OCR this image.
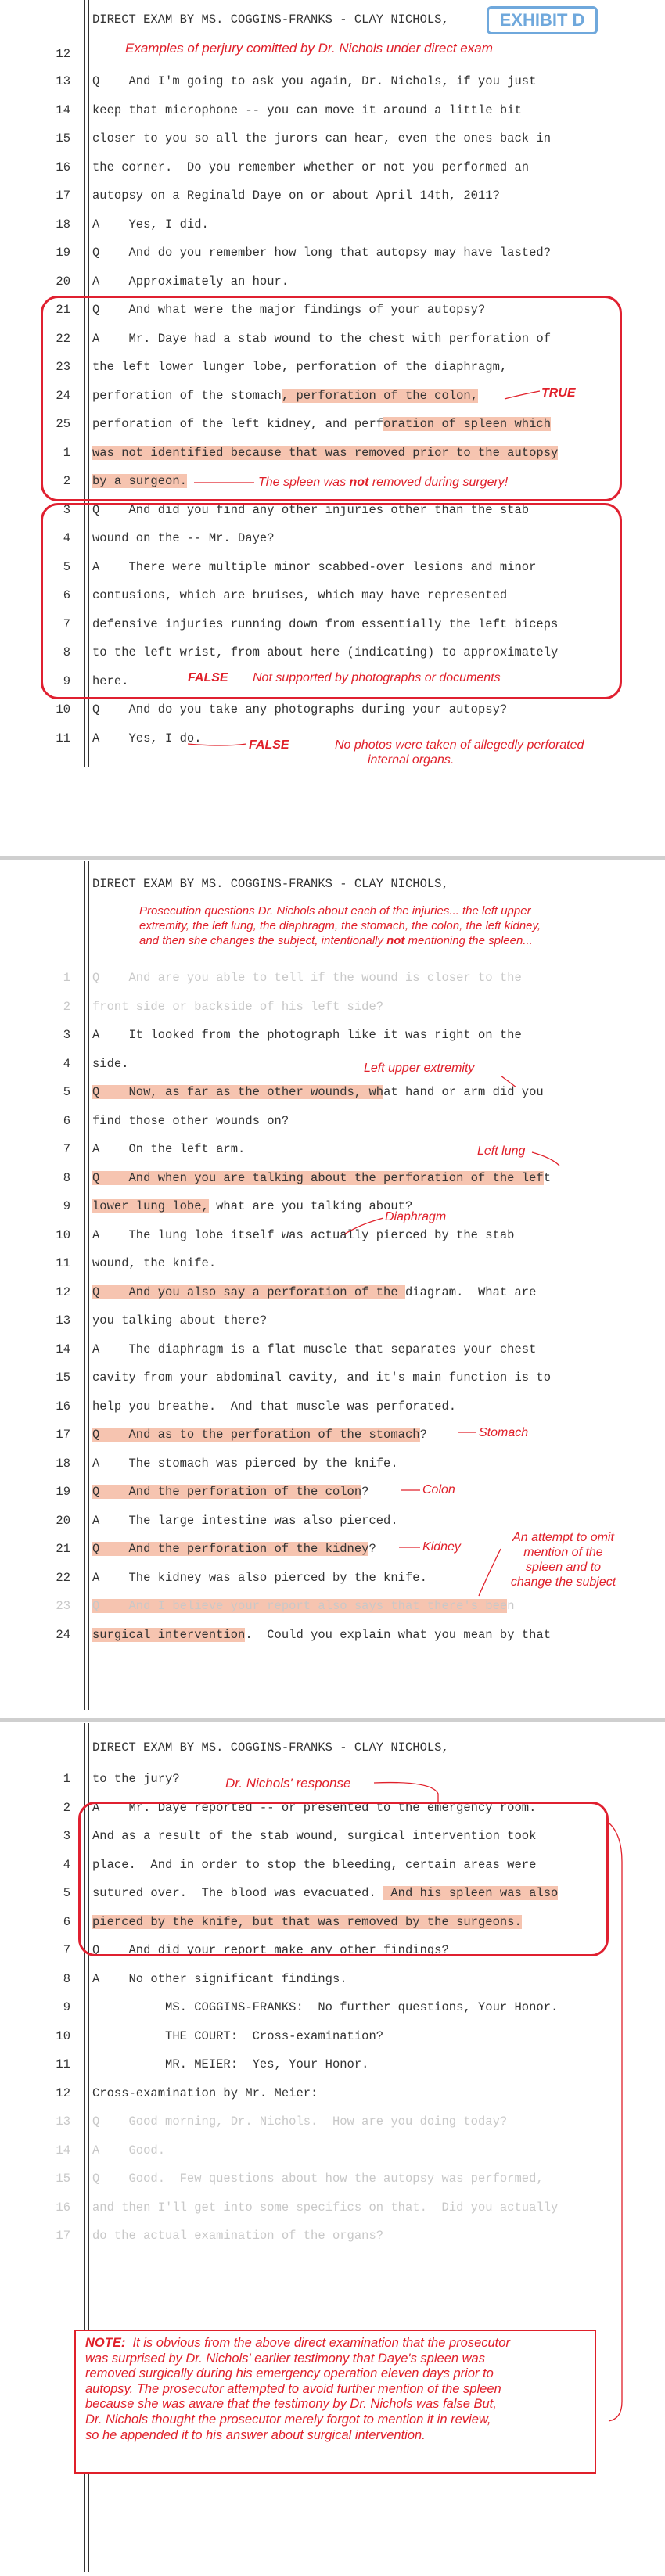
DIRECT EXAM BY MS. COGGINS-FRANKS - CLAY NICHOLS,	EXHIBIT D
Examples of perjury comitted by Dr. Nichols under direct exam
12
13 Q    And I'm going to ask you again, Dr. Nichols, if you just
14 keep that microphone -- you can move it around a little bit
15 closer to you so all the jurors can hear, even the ones back in
16 the corner.  Do you remember whether or not you performed an
17 autopsy on a Reginald Daye on or about April 14th, 2011?
18 A    Yes, I did.
19 Q    And do you remember how long that autopsy may have lasted?
20 A    Approximately an hour.
21 Q    And what were the major findings of your autopsy?
22 A    Mr. Daye had a stab wound to the chest with perforation of
23 the left lower lunger lobe, perforation of the diaphragm,
24 perforation of the stomach, perforation of the colon,
25 perforation of the left kidney, and perforation of spleen which
1 was not identified because that was removed prior to the autopsy
2 by a surgeon.
3 Q    And did you find any other injuries other than the stab
4 wound on the -- Mr. Daye?
5 A    There were multiple minor scabbed-over lesions and minor
6 contusions, which are bruises, which may have represented
7 defensive injuries running down from essentially the left biceps
8 to the left wrist, from about here (indicating) to approximately
9 here.
10 Q    And do you take any photographs during your autopsy?
11 A    Yes, I do.
TRUE
The spleen was not removed during surgery!
FALSE Not supported by photographs or documents
FALSE	No photos were taken of allegedly perforated
internal organs.
DIRECT EXAM BY MS. COGGINS-FRANKS - CLAY NICHOLS,
Prosecution questions Dr. Nichols about each of the injuries... the left upper
extremity, the left lung, the diaphragm, the stomach, the colon, the left kidney,
and then she changes the subject, intentionally not mentioning the spleen...
1 Q    And are you able to tell if the wound is closer to the
2 front side or backside of his left side?
3 A    It looked from the photograph like it was right on the
4 side.
5 Q    Now, as far as the other wounds, what hand or arm did you
6 find those other wounds on?
7 A    On the left arm.
8 Q    And when you are talking about the perforation of the left
9 lower lung lobe, what are you talking about?
10 A    The lung lobe itself was actually pierced by the stab
11 wound, the knife.
12 Q    And you also say a perforation of the diagram.  What are
13 you talking about there?
14 A    The diaphragm is a flat muscle that separates your chest
15 cavity from your abdominal cavity, and it's main function is to
16 help you breathe.  And that muscle was perforated.
17 Q    And as to the perforation of the stomach?
18 A    The stomach was pierced by the knife.
19 Q    And the perforation of the colon?
20 A    The large intestine was also pierced.
21 Q    And the perforation of the kidney?
22 A    The kidney was also pierced by the knife.
23 Q    And I believe your report also says that there's been
24 surgical intervention.  Could you explain what you mean by that
Left upper extremity
Left lung
Diaphragm
Stomach
Colon
Kidney
An attempt to omit
mention of the
spleen and to
change the subject
DIRECT EXAM BY MS. COGGINS-FRANKS - CLAY NICHOLS,
Dr. Nichols' response
1 to the jury?
2 A    Mr. Daye reported -- or presented to the emergency room.
3 And as a result of the stab wound, surgical intervention took
4 place.  And in order to stop the bleeding, certain areas were
5 sutured over.  The blood was evacuated.  And his spleen was also
6 pierced by the knife, but that was removed by the surgeons.
7 Q    And did your report make any other findings?
8 A    No other significant findings.
9 MS. COGGINS-FRANKS:  No further questions, Your Honor.
10 THE COURT:  Cross-examination?
11 MR. MEIER:  Yes, Your Honor.
12 Cross-examination by Mr. Meier:
13 Q    Good morning, Dr. Nichols.  How are you doing today?
14 A    Good.
15 Q    Good.  Few questions about how the autopsy was performed,
16 and then I'll get into some specifics on that.  Did you actually
17 do the actual examination of the organs?
NOTE: It is obvious from the above direct examination that the prosecutor
was surprised by Dr. Nichols' earlier testimony that Daye's spleen was
removed surgically during his emergency operation eleven days prior to
autopsy. The prosecutor attempted to avoid further mention of the spleen
because she was aware that the testimony by Dr. Nichols was false But,
Dr. Nichols thought the prosecutor merely forgot to mention it in review,
so he appended it to his answer about surgical intervention.
